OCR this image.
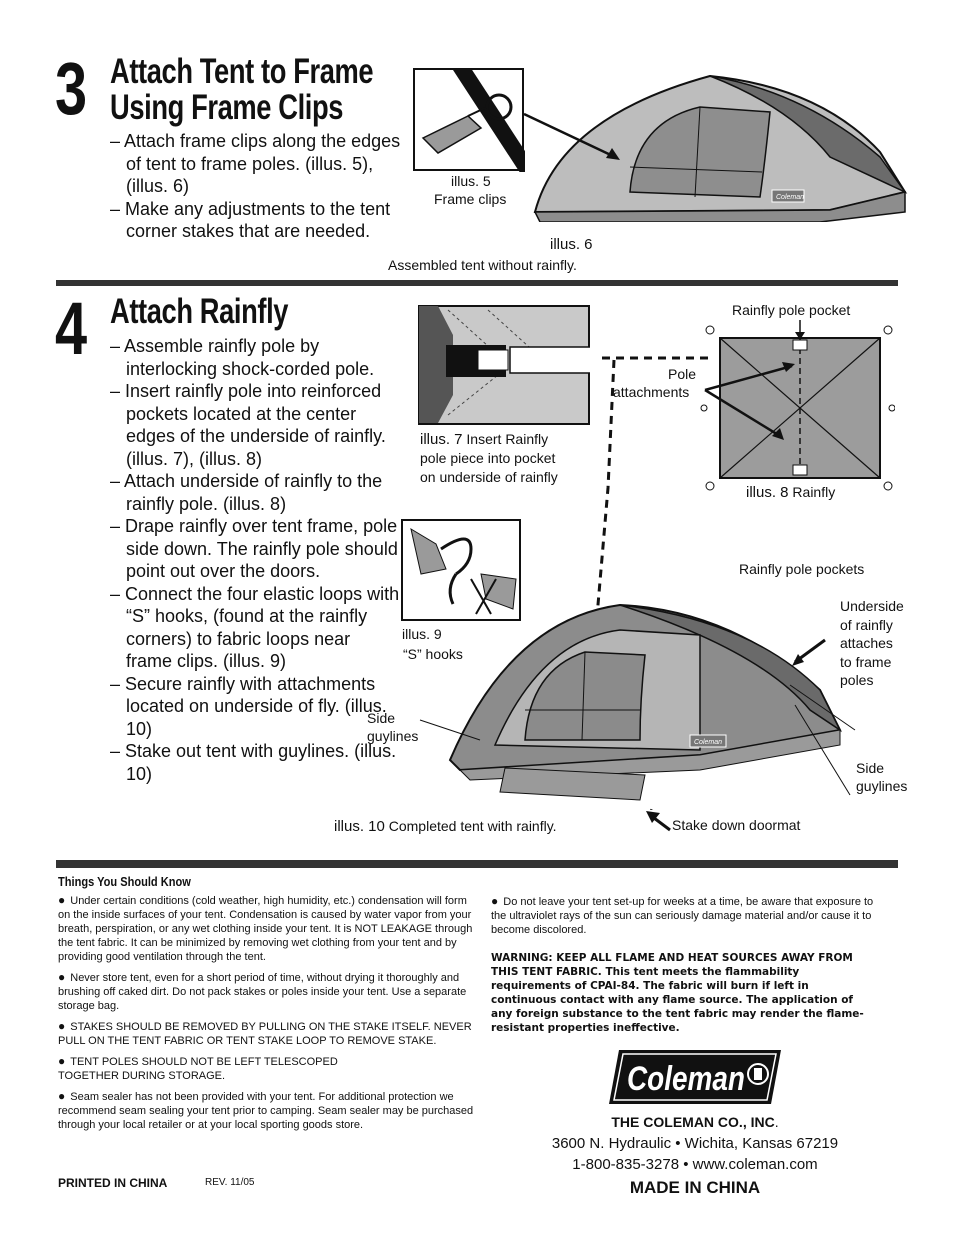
3 Attach Tent to Frame
Using Frame Clips
– Attach frame clips along the edges of tent to frame poles. (illus. 5), (illus. 6)
– Make any adjustments to the tent corner stakes that are needed.
Coleman
illus. 5
Frame clips
illus. 6
Assembled tent without rainfly.
4 Attach Rainfly
– Assemble rainfly pole by interlocking shock-corded pole.
– Insert rainfly pole into reinforced pockets located at the center edges of the underside of rainfly. (illus. 7), (illus. 8)
– Attach underside of rainfly to the rainfly pole. (illus. 8)
– Drape rainfly over tent frame, pole side down. The rainfly pole should point out over the doors.
– Connect the four elastic loops with “S” hooks, (found at the rainfly corners) to fabric loops near frame clips. (illus. 9)
– Secure rainfly with attachments located on underside of fly. (illus. 10)
– Stake out tent with guylines. (illus. 10)
illus. 7 Insert Rainfly
pole piece into pocket
on underside of rainfly
Rainfly pole pocket
Pole
attachments
illus. 8 Rainfly
illus. 9
“S” hooks
Coleman
Rainfly pole pockets
Underside
of rainfly
attaches
to frame
poles
Side
guylines
Side
guylines
illus. 10 Completed tent with rainfly.	Stake down doormat
Things You Should Know
● Under certain conditions (cold weather, high humidity, etc.) condensation will form on the inside surfaces of your tent. Condensation is caused by water vapor from your breath, perspiration, or any wet clothing inside your tent. It is NOT LEAKAGE through the tent fabric. It can be minimized by removing wet clothing from your tent and by providing good ventilation through the tent.
● Never store tent, even for a short period of time, without drying it thoroughly and brushing off caked dirt. Do not pack stakes or poles inside your tent. Use a separate storage bag.
● STAKES SHOULD BE REMOVED BY PULLING ON THE STAKE ITSELF. NEVER PULL ON THE TENT FABRIC OR TENT STAKE LOOP TO REMOVE STAKE.
● TENT POLES SHOULD NOT BE LEFT TELESCOPED TOGETHER DURING STORAGE.
● Seam sealer has not been provided with your tent. For additional protection we recommend seam sealing your tent prior to camping. Seam sealer may be purchased through your local retailer or at your local sporting goods store.
● Do not leave your tent set-up for weeks at a time, be aware that exposure to the ultraviolet rays of the sun can seriously damage material and/or cause it to become discolored.
WARNING: KEEP ALL FLAME AND HEAT SOURCES AWAY FROM THIS TENT FABRIC. This tent meets the flammability requirements of CPAI-84. The fabric will burn if left in continuous contact with any flame source. The application of any foreign substance to the tent fabric may render the flame-resistant properties ineffective.
Coleman
THE COLEMAN CO., INC.
3600 N. Hydraulic • Wichita, Kansas 67219
1-800-835-3278 • www.coleman.com
MADE IN CHINA
PRINTED IN CHINA	REV. 11/05
